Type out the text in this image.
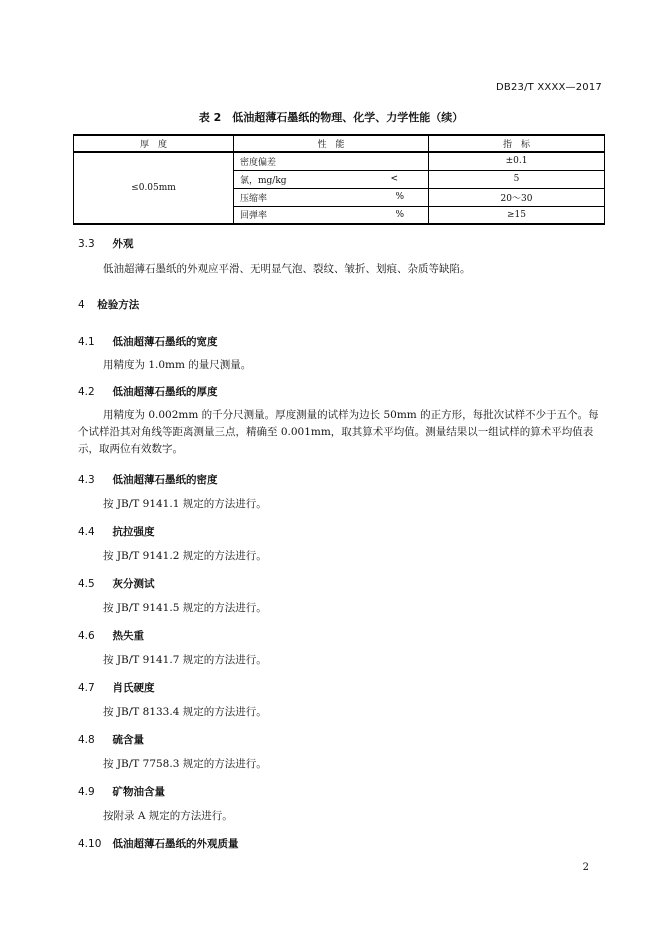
DB23/T XXXX—2017
表 2　低油超薄石墨纸的物理、化学、力学性能（续）
厚　度	性　能	指　标
≤0.05mm	密度偏差	±0.1
	氯，mg/kg <	5
	压缩率 %	20～30
	回弹率 %	≥15
3.3  外观
低油超薄石墨纸的外观应平滑、无明显气泡、裂纹、皱折、划痕、杂质等缺陷。
4  检验方法
4.1  低油超薄石墨纸的宽度
用精度为 1.0mm 的量尺测量。
4.2  低油超薄石墨纸的厚度
用精度为 0.002mm 的千分尺测量。厚度测量的试样为边长 50mm 的正方形，每批次试样不少于五个。每个试样沿其对角线等距离测量三点，精确至 0.001mm，取其算术平均值。测量结果以一组试样的算术平均值表示，取两位有效数字。
4.3  低油超薄石墨纸的密度
按 JB/T 9141.1 规定的方法进行。
4.4  抗拉强度
按 JB/T 9141.2 规定的方法进行。
4.5  灰分测试
按 JB/T 9141.5 规定的方法进行。
4.6  热失重
按 JB/T 9141.7 规定的方法进行。
4.7  肖氏硬度
按 JB/T 8133.4 规定的方法进行。
4.8  硫含量
按 JB/T 7758.3 规定的方法进行。
4.9  矿物油含量
按附录 A 规定的方法进行。
4.10  低油超薄石墨纸的外观质量
2
